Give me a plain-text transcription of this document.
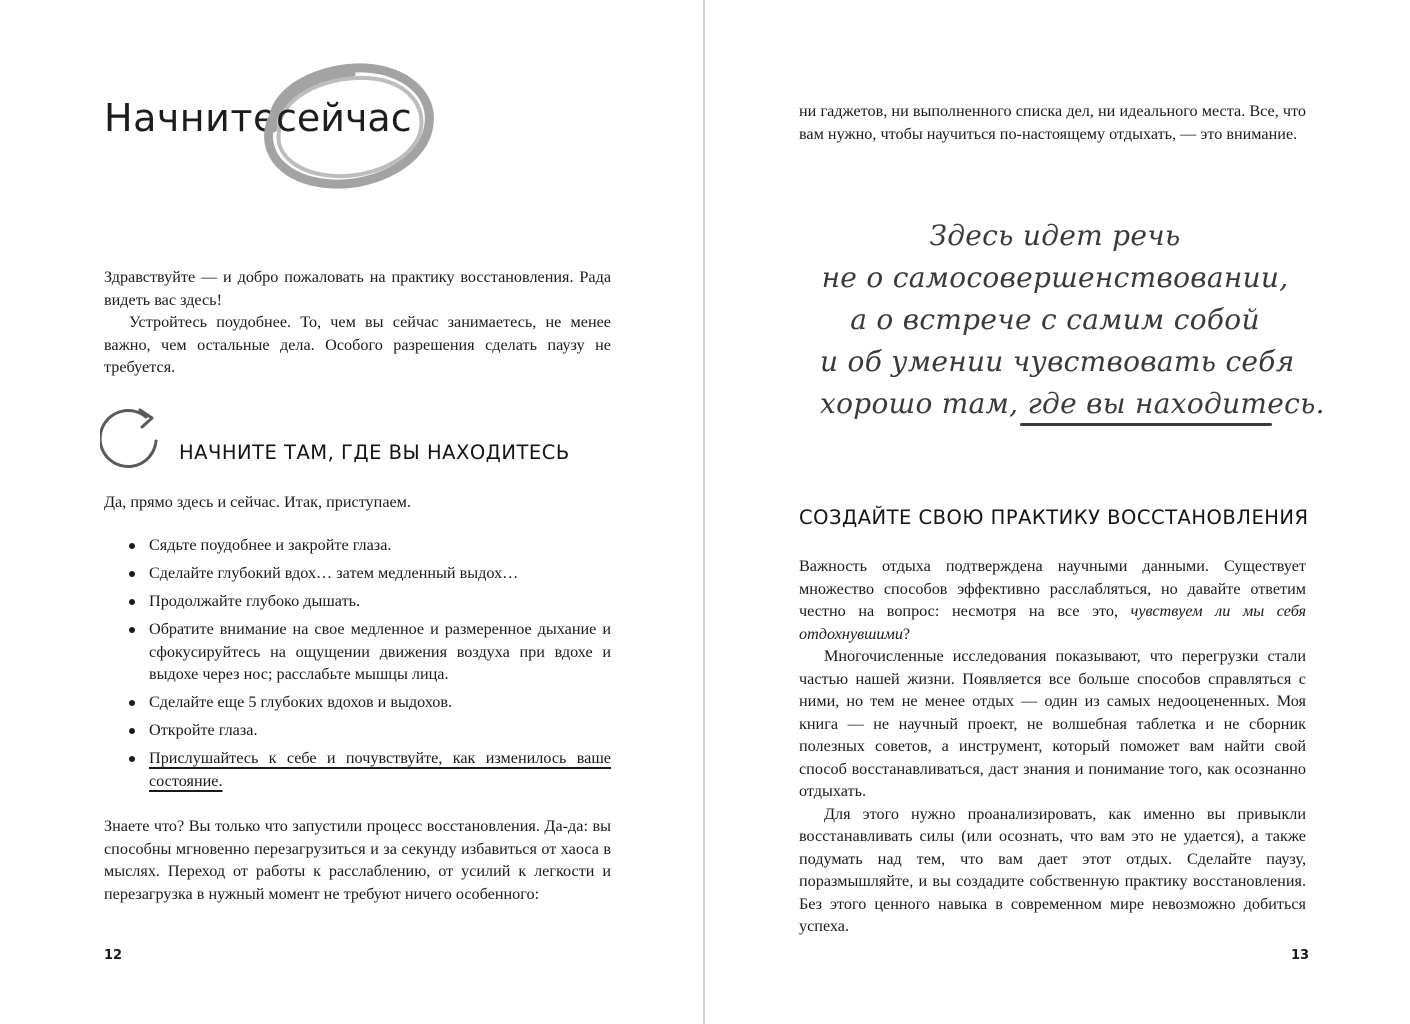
Начните сейчас

Здравствуйте — и добро пожаловать на практику восстановления. Рада видеть вас здесь!

Устройтесь поудобнее. То, чем вы сейчас занимаетесь, не менее важно, чем остальные дела. Особого разрешения сделать паузу не требуется.

НАЧНИТЕ ТАМ, ГДЕ ВЫ НАХОДИТЕСЬ
Да, прямо здесь и сейчас. Итак, приступаем.
Сядьте поудобнее и закройте глаза.
Сделайте глубокий вдох… затем медленный выдох…
Продолжайте глубоко дышать.
Обратите внимание на свое медленное и размеренное дыхание и сфокусируйтесь на ощущении движения воздуха при вдохе и выдохе через нос; расслабьте мышцы лица.
Сделайте еще 5 глубоких вдохов и выдохов.
Откройте глаза.
Прислушайтесь к себе и почувствуйте, как изменилось ваше состояние.
Знаете что? Вы только что запустили процесс восстановления. Да-да: вы способны мгновенно перезагрузиться и за секунду избавиться от хаоса в мыслях. Переход от работы к расслаблению, от усилий к легкости и перезагрузка в нужный момент не требуют ничего особенного:
12
ни гаджетов, ни выполненного списка дел, ни идеального места. Все, что вам нужно, чтобы научиться по-настоящему отдыхать, — это внимание.
Здесь идет речь
не о самосовершенствовании,
а о встрече с самим собой
и об умении чувствовать себя
хорошо там, где вы находитесь.
СОЗДАЙТЕ СВОЮ ПРАКТИКУ ВОССТАНОВЛЕНИЯ

Важность отдыха подтверждена научными данными. Существует множество способов эффективно расслабляться, но давайте ответим честно на вопрос: несмотря на все это, чувствуем ли мы себя отдохнувшими?

Многочисленные исследования показывают, что перегрузки стали частью нашей жизни. Появляется все больше способов справляться с ними, но тем не менее отдых — один из самых недооцененных. Моя книга — не научный проект, не волшебная таблетка и не сборник полезных советов, а инструмент, который поможет вам найти свой способ восстанавливаться, даст знания и понимание того, как осознанно отдыхать.

Для этого нужно проанализировать, как именно вы привыкли восстанавливать силы (или осознать, что вам это не удается), а также подумать над тем, что вам дает этот отдых. Сделайте паузу, поразмышляйте, и вы создадите собственную практику восстановления. Без этого ценного навыка в современном мире невозможно добиться успеха.

13
